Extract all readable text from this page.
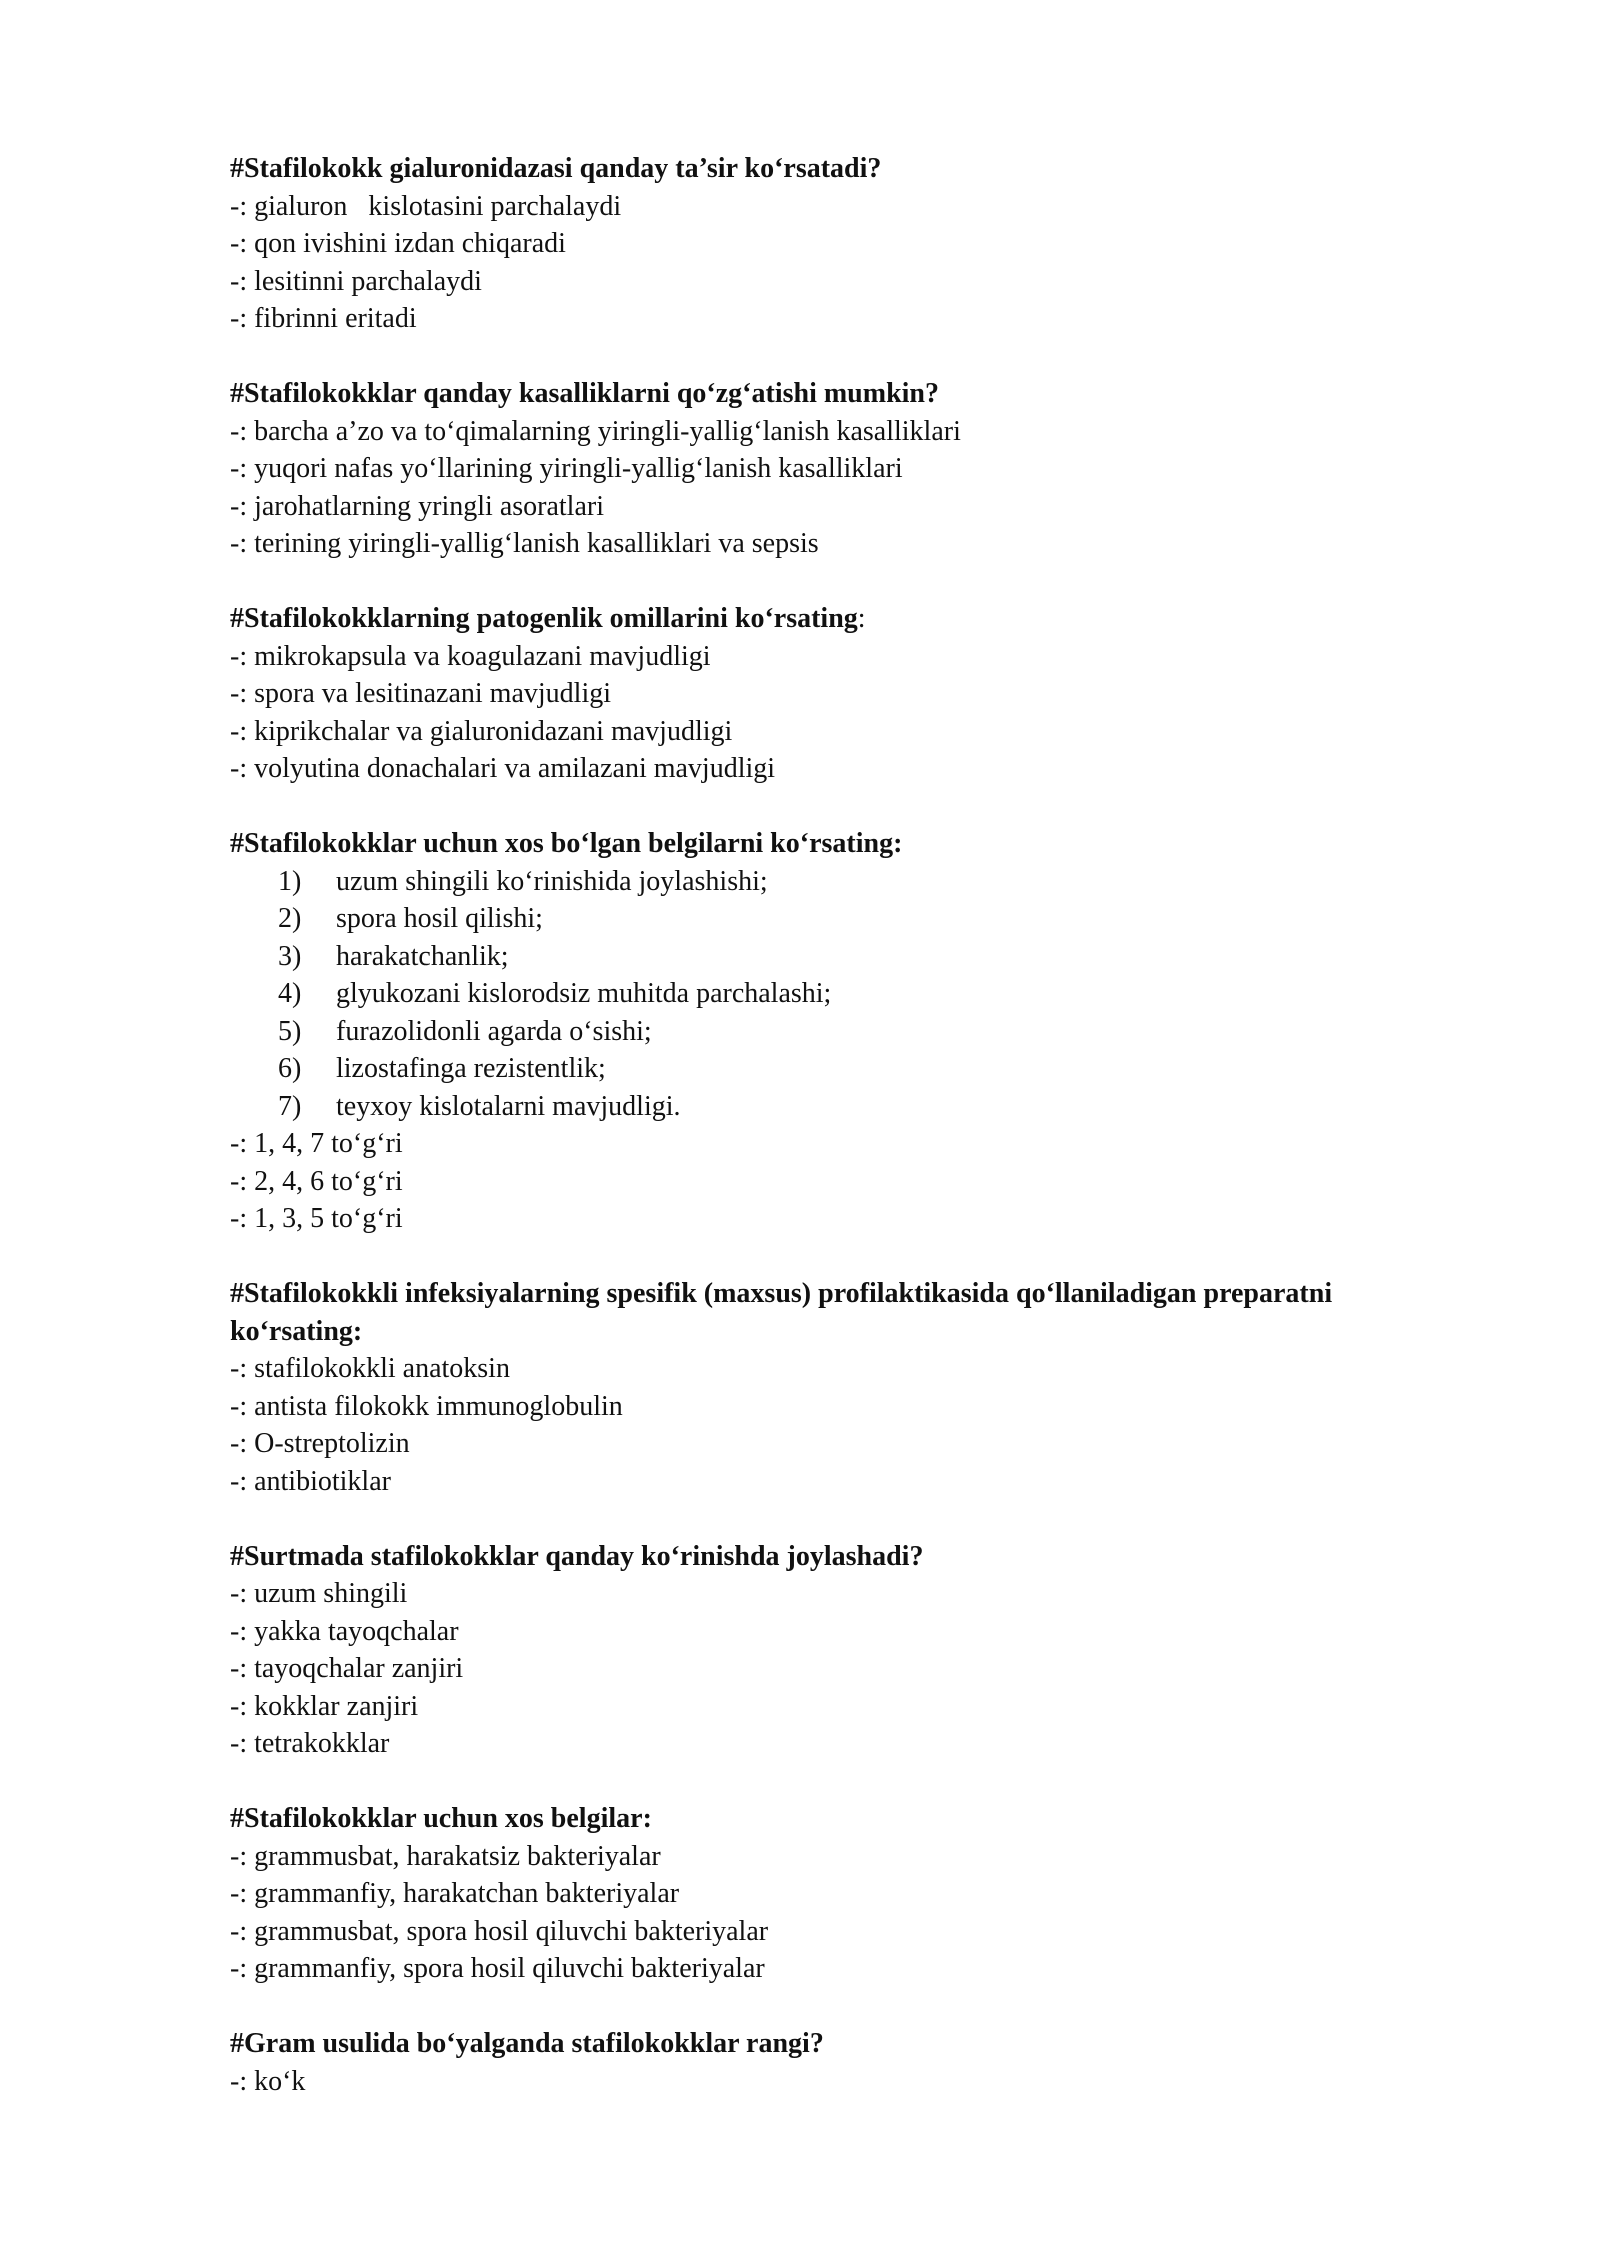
#Stafilokokk gialuronidazasi qanday ta’sir ko‘rsatadi?
-: gialuron   kislotasini parchalaydi
-: qon ivishini izdan chiqaradi
-: lesitinni parchalaydi
-: fibrinni eritadi
#Stafilokokklar qanday kasalliklarni qo‘zg‘atishi mumkin?
-: barcha a’zo va to‘qimalarning yiringli-yallig‘lanish kasalliklari
-: yuqori nafas yo‘llarining yiringli-yallig‘lanish kasalliklari
-: jarohatlarning yringli asoratlari
-: terining yiringli-yallig‘lanish kasalliklari va sepsis
#Stafilokokklarning patogenlik omillarini ko‘rsating:
-: mikrokapsula va koagulazani mavjudligi
-: spora va lesitinazani mavjudligi
-: kiprikchalar va gialuronidazani mavjudligi
-: volyutina donachalari va amilazani mavjudligi
#Stafilokokklar uchun xos bo‘lgan belgilarni ko‘rsating:
1)	uzum shingili ko‘rinishida joylashishi;
2)	spora hosil qilishi;
3)	harakatchanlik;
4)	glyukozani kislorodsiz muhitda parchalashi;
5)	furazolidonli agarda o‘sishi;
6)	lizostafinga rezistentlik;
7)	teyxoy kislotalarni mavjudligi.
-: 1, 4, 7 to‘g‘ri
-: 2, 4, 6 to‘g‘ri
-: 1, 3, 5 to‘g‘ri
#Stafilokokkli infeksiyalarning spesifik (maxsus) profilaktikasida qo‘llaniladigan preparatni ko‘rsating:
-: stafilokokkli anatoksin
-: antista filokokk immunoglobulin
-: O-streptolizin
-: antibiotiklar
#Surtmada stafilokokklar qanday ko‘rinishda joylashadi?
-: uzum shingili
-: yakka tayoqchalar
-: tayoqchalar zanjiri
-: kokklar zanjiri
-: tetrakokklar
#Stafilokokklar uchun xos belgilar:
-: grammusbat, harakatsiz bakteriyalar
-: grammanfiy, harakatchan bakteriyalar
-: grammusbat, spora hosil qiluvchi bakteriyalar
-: grammanfiy, spora hosil qiluvchi bakteriyalar
#Gram usulida bo‘yalganda stafilokokklar rangi?
-: ko‘k
